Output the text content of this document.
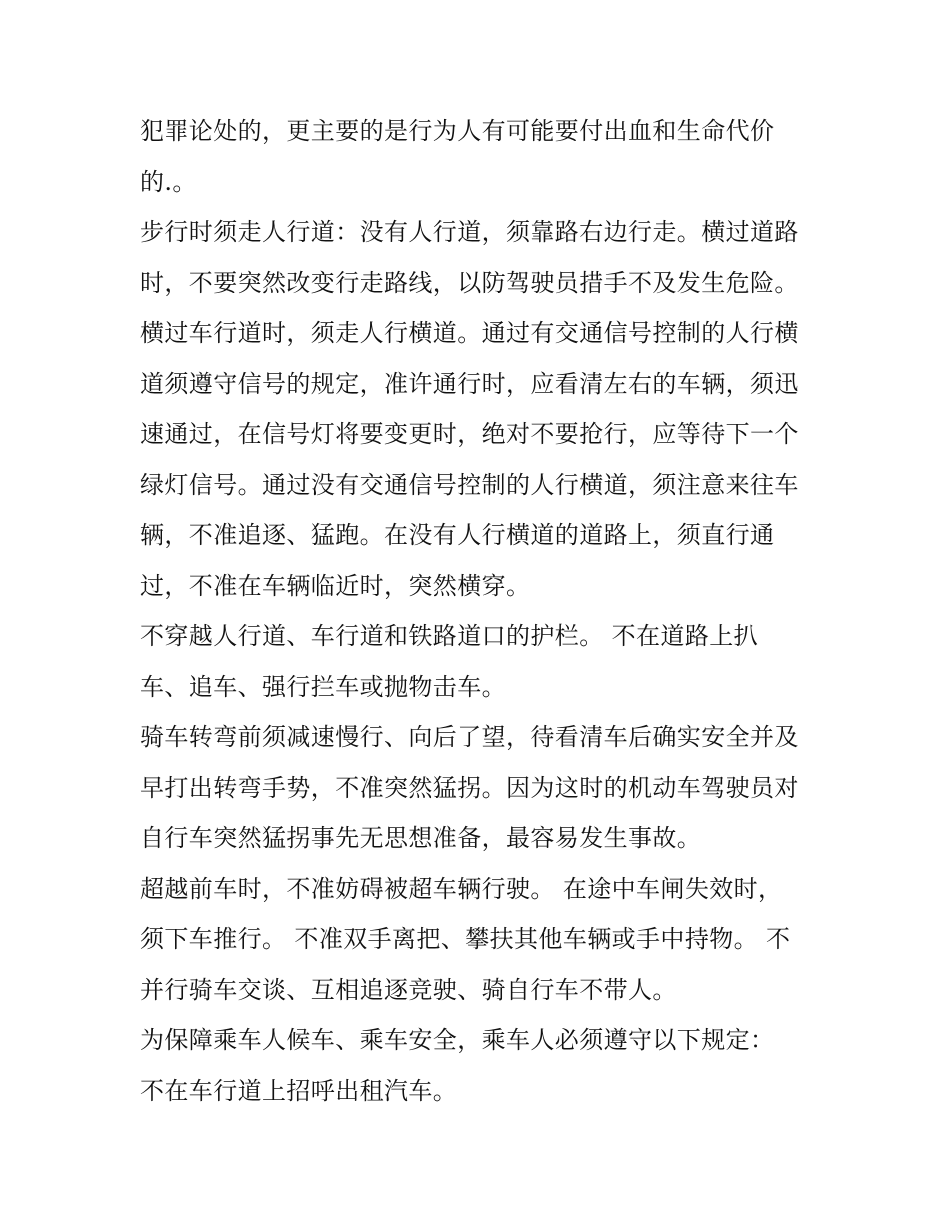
犯罪论处的，更主要的是行为人有可能要付出血和生命代价
的.。
步行时须走人行道：没有人行道，须靠路右边行走。横过道路
时，不要突然改变行走路线，以防驾驶员措手不及发生危险。
横过车行道时，须走人行横道。通过有交通信号控制的人行横
道须遵守信号的规定，准许通行时，应看清左右的车辆，须迅
速通过，在信号灯将要变更时，绝对不要抢行，应等待下一个
绿灯信号。通过没有交通信号控制的人行横道，须注意来往车
辆，不准追逐、猛跑。在没有人行横道的道路上，须直行通
过，不准在车辆临近时，突然横穿。
不穿越人行道、车行道和铁路道口的护栏。 不在道路上扒
车、追车、强行拦车或抛物击车。
骑车转弯前须减速慢行、向后了望，待看清车后确实安全并及
早打出转弯手势，不准突然猛拐。因为这时的机动车驾驶员对
自行车突然猛拐事先无思想准备，最容易发生事故。
超越前车时，不准妨碍被超车辆行驶。 在途中车闸失效时，
须下车推行。 不准双手离把、攀扶其他车辆或手中持物。 不
并行骑车交谈、互相追逐竞驶、骑自行车不带人。
为保障乘车人候车、乘车安全，乘车人必须遵守以下规定：
不在车行道上招呼出租汽车。
